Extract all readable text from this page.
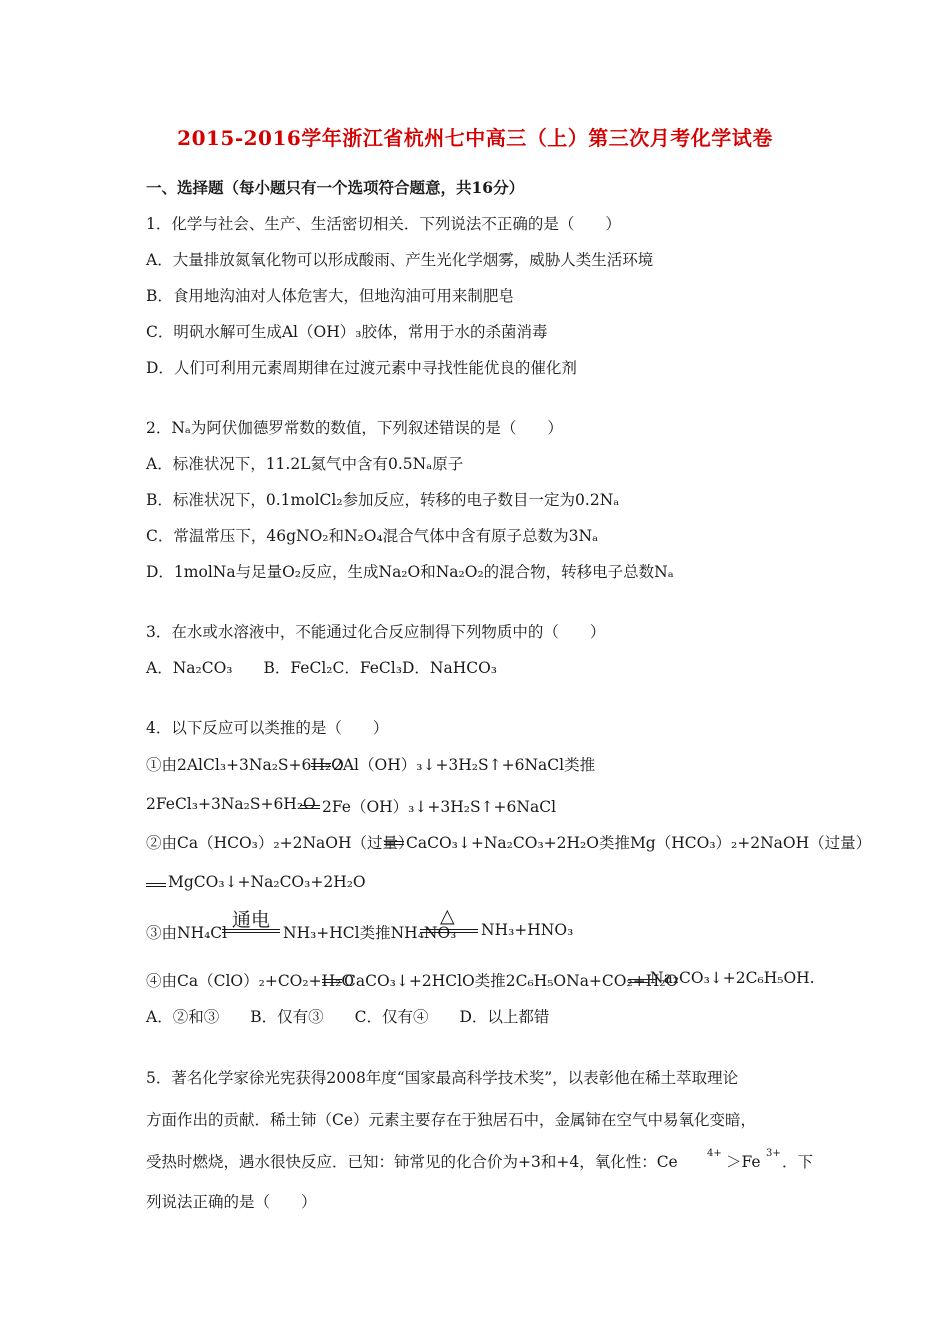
2015-2016学年浙江省杭州七中高三（上）第三次月考化学试卷
一、选择题（每小题只有一个选项符合题意，共16分）
1．化学与社会、生产、生活密切相关．下列说法不正确的是（　　）
A．大量排放氮氧化物可以形成酸雨、产生光化学烟雾，威胁人类生活环境
B．食用地沟油对人体危害大，但地沟油可用来制肥皂
C．明矾水解可生成Al（OH）₃胶体，常用于水的杀菌消毒
D．人们可利用元素周期律在过渡元素中寻找性能优良的催化剂
2．Nₐ为阿伏伽德罗常数的数值，下列叙述错误的是（　　）
A．标准状况下，11.2L氦气中含有0.5Nₐ原子
B．标准状况下，0.1molCl₂参加反应，转移的电子数目一定为0.2Nₐ
C．常温常压下，46gNO₂和N₂O₄混合气体中含有原子总数为3Nₐ
D．1molNa与足量O₂反应，生成Na₂O和Na₂O₂的混合物，转移电子总数Nₐ
3．在水或水溶液中，不能通过化合反应制得下列物质中的（　　）
A．Na₂CO₃　　B．FeCl₂C．FeCl₃D．NaHCO₃
4．以下反应可以类推的是（　　）
①由2AlCl₃+3Na₂S+6H₂O
2Al（OH）₃↓+3H₂S↑+6NaCl类推
2FeCl₃+3Na₂S+6H₂O 2Fe（OH）₃↓+3H₂S↑+6NaCl
②由Ca（HCO₃）₂+2NaOH（过量）
CaCO₃↓+Na₂CO₃+2H₂O类推Mg（HCO₃）₂+2NaOH（过量）
MgCO₃↓+Na₂CO₃+2H₂O
③由NH₄Cl
通电
NH₃+HCl类推NH₄NO₃
△
NH₃+HNO₃
④由Ca（ClO）₂+CO₂+H₂O
CaCO₃↓+2HClO类推2C₆H₅ONa+CO₂+H₂O
Na₂CO₃↓+2C₆H₅OH.
A．②和③　　B．仅有③　　C．仅有④　　D．以上都错
5．著名化学家徐光宪获得2008年度“国家最高科学技术奖”，以表彰他在稀土萃取理论
方面作出的贡献．稀土铈（Ce）元素主要存在于独居石中，金属铈在空气中易氧化变暗，
受热时燃烧，遇水很快反应．已知：铈常见的化合价为+3和+4，氧化性：Ce	4+ ＞Fe 3+ ．下
列说法正确的是（　　）
